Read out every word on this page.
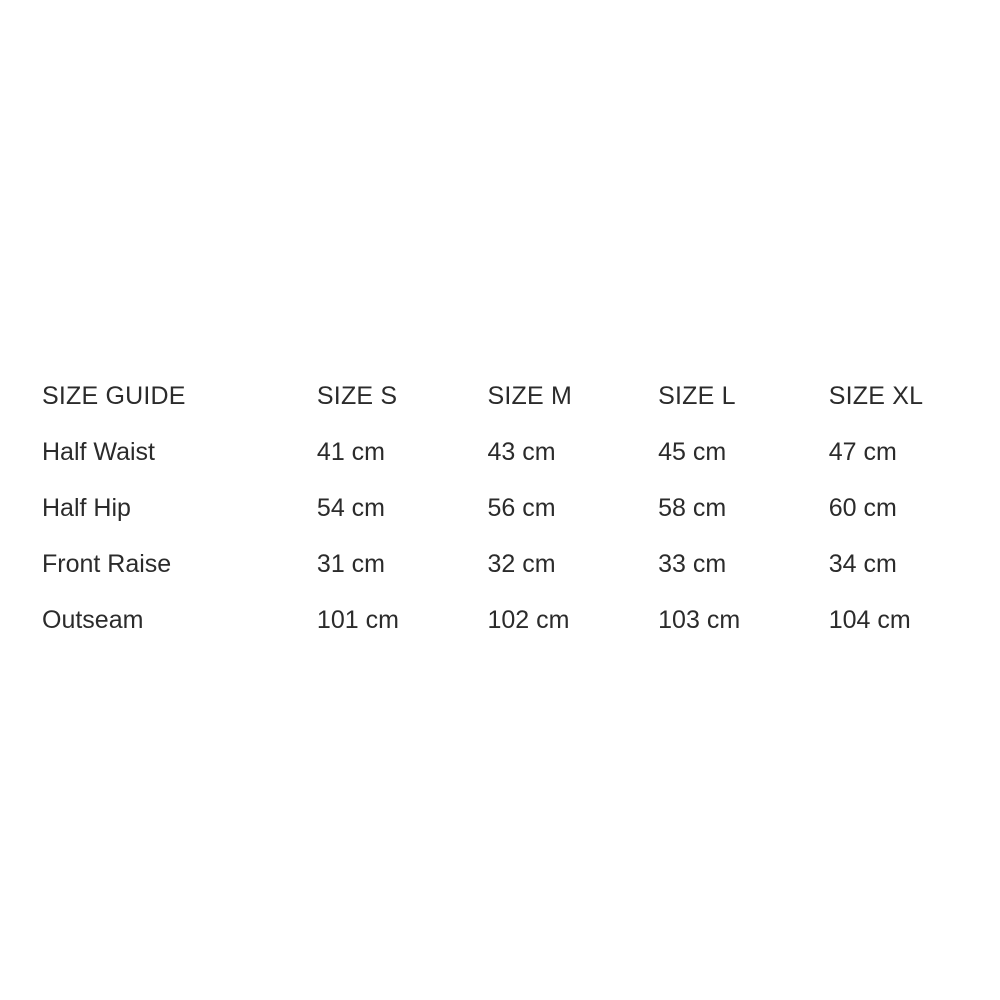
SIZE GUIDE	SIZE S	SIZE M	SIZE L	SIZE XL
Half Waist	41 cm	43 cm	45 cm	47 cm
Half Hip	54 cm	56 cm	58 cm	60 cm
Front Raise	31 cm	32 cm	33 cm	34 cm
Outseam	101 cm	102 cm	103 cm	104 cm
